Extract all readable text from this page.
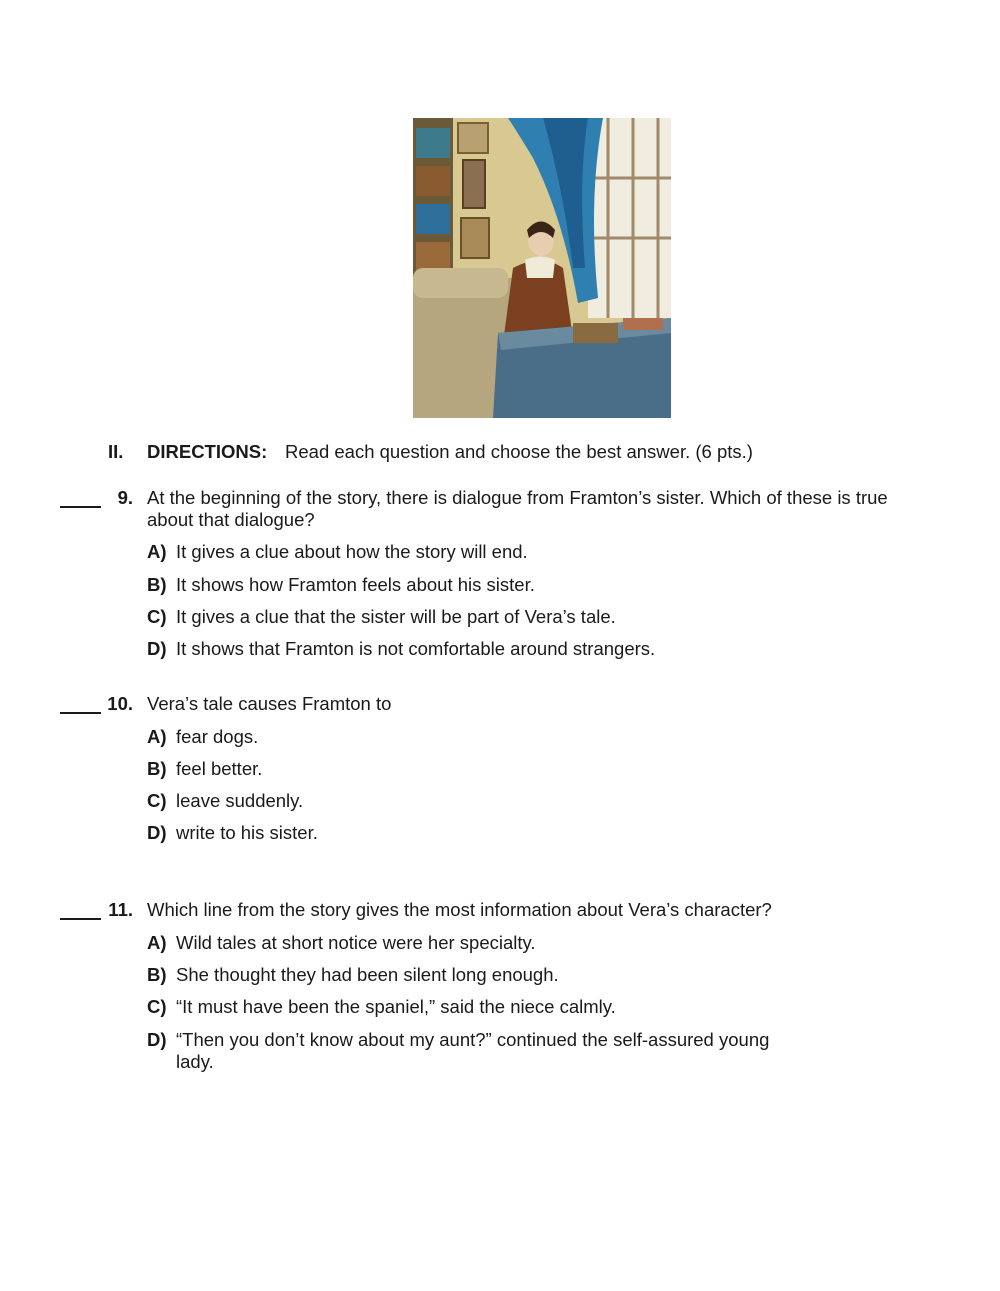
II. DIRECTIONS: Read each question and choose the best answer. (6 pts.)
9. At the beginning of the story, there is dialogue from Framton’s sister. Which of these is true
about that dialogue?
A) It gives a clue about how the story will end.
B) It shows how Framton feels about his sister.
C) It gives a clue that the sister will be part of Vera’s tale.
D) It shows that Framton is not comfortable around strangers.
10. Vera’s tale causes Framton to
A) fear dogs.
B) feel better.
C) leave suddenly.
D) write to his sister.
11. Which line from the story gives the most information about Vera’s character?
A) Wild tales at short notice were her specialty.
B) She thought they had been silent long enough.
C) “It must have been the spaniel,” said the niece calmly.
D) “Then you don’t know about my aunt?” continued the self-assured young
lady.
